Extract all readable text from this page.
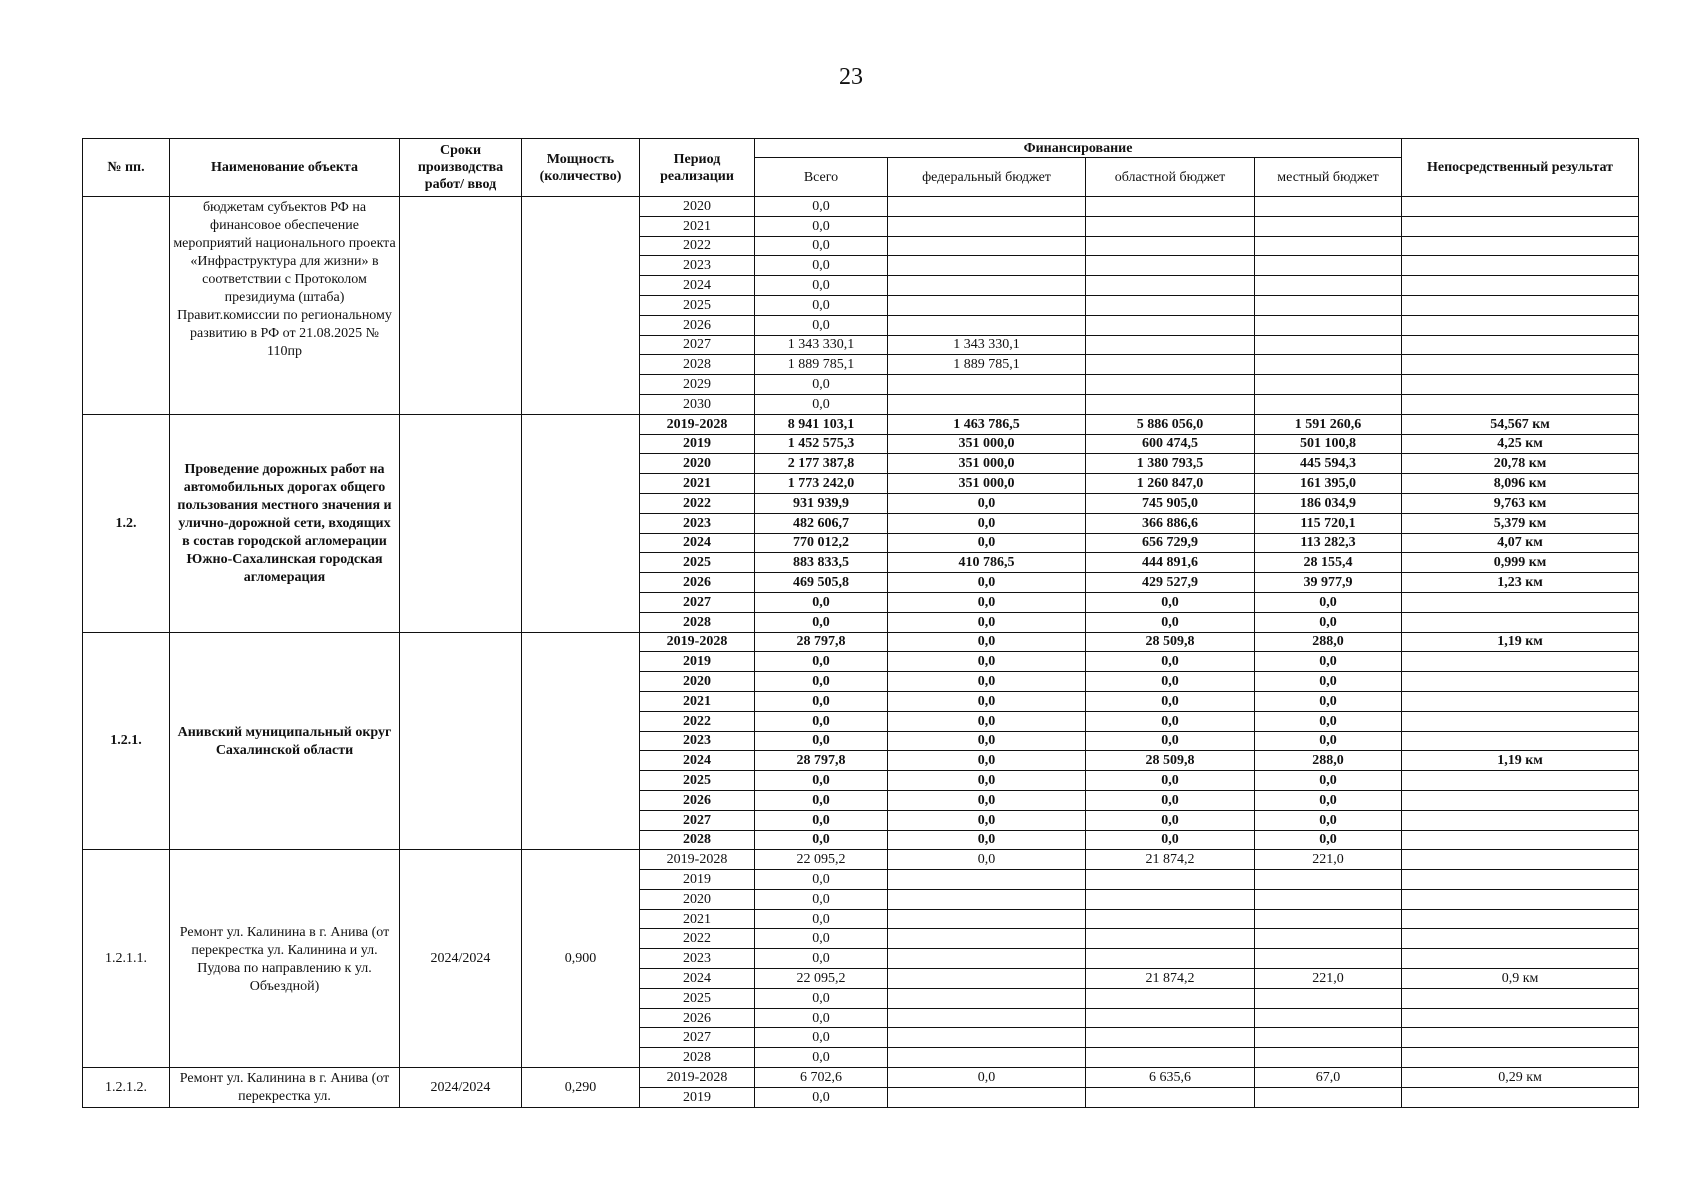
23
№ пп.	Наименование объекта	Сроки производства работ/ ввод	Мощность (количество)	Период реализации	Финансирование				Непосредственный результат
					Всего	федеральный бюджет	областной бюджет	местный бюджет	
	бюджетам субъектов РФ на финансовое обеспечение мероприятий национального проекта «Инфраструктура для жизни» в соответствии с Протоколом президиума (штаба) Правит.комиссии по региональному развитию в РФ от 21.08.2025 № 110пр			2020	0,0				
				2021	0,0				
				2022	0,0				
				2023	0,0				
				2024	0,0				
				2025	0,0				
				2026	0,0				
				2027	1 343 330,1	1 343 330,1			
				2028	1 889 785,1	1 889 785,1			
				2029	0,0				
				2030	0,0				
1.2.	Проведение дорожных работ на автомобильных дорогах общего пользования местного значения и улично-дорожной сети, входящих в состав городской агломерации Южно-Сахалинская городская агломерация			2019-2028	8 941 103,1	1 463 786,5	5 886 056,0	1 591 260,6	54,567 км
				2019	1 452 575,3	351 000,0	600 474,5	501 100,8	4,25 км
				2020	2 177 387,8	351 000,0	1 380 793,5	445 594,3	20,78 км
				2021	1 773 242,0	351 000,0	1 260 847,0	161 395,0	8,096 км
				2022	931 939,9	0,0	745 905,0	186 034,9	9,763 км
				2023	482 606,7	0,0	366 886,6	115 720,1	5,379 км
				2024	770 012,2	0,0	656 729,9	113 282,3	4,07 км
				2025	883 833,5	410 786,5	444 891,6	28 155,4	0,999 км
				2026	469 505,8	0,0	429 527,9	39 977,9	1,23 км
				2027	0,0	0,0	0,0	0,0	
				2028	0,0	0,0	0,0	0,0	
1.2.1.	Анивский муниципальный округ Сахалинской области			2019-2028	28 797,8	0,0	28 509,8	288,0	1,19 км
				2019	0,0	0,0	0,0	0,0	
				2020	0,0	0,0	0,0	0,0	
				2021	0,0	0,0	0,0	0,0	
				2022	0,0	0,0	0,0	0,0	
				2023	0,0	0,0	0,0	0,0	
				2024	28 797,8	0,0	28 509,8	288,0	1,19 км
				2025	0,0	0,0	0,0	0,0	
				2026	0,0	0,0	0,0	0,0	
				2027	0,0	0,0	0,0	0,0	
				2028	0,0	0,0	0,0	0,0	
1.2.1.1.	Ремонт ул. Калинина в г. Анива (от перекрестка ул. Калинина и ул. Пудова по направлению к ул. Объездной)	2024/2024	0,900	2019-2028	22 095,2	0,0	21 874,2	221,0	
				2019	0,0				
				2020	0,0				
				2021	0,0				
				2022	0,0				
				2023	0,0				
				2024	22 095,2		21 874,2	221,0	0,9 км
				2025	0,0				
				2026	0,0				
				2027	0,0				
				2028	0,0				
1.2.1.2.	Ремонт ул. Калинина в г. Анива (от перекрестка ул.	2024/2024	0,290	2019-2028	6 702,6	0,0	6 635,6	67,0	0,29 км
				2019	0,0				
